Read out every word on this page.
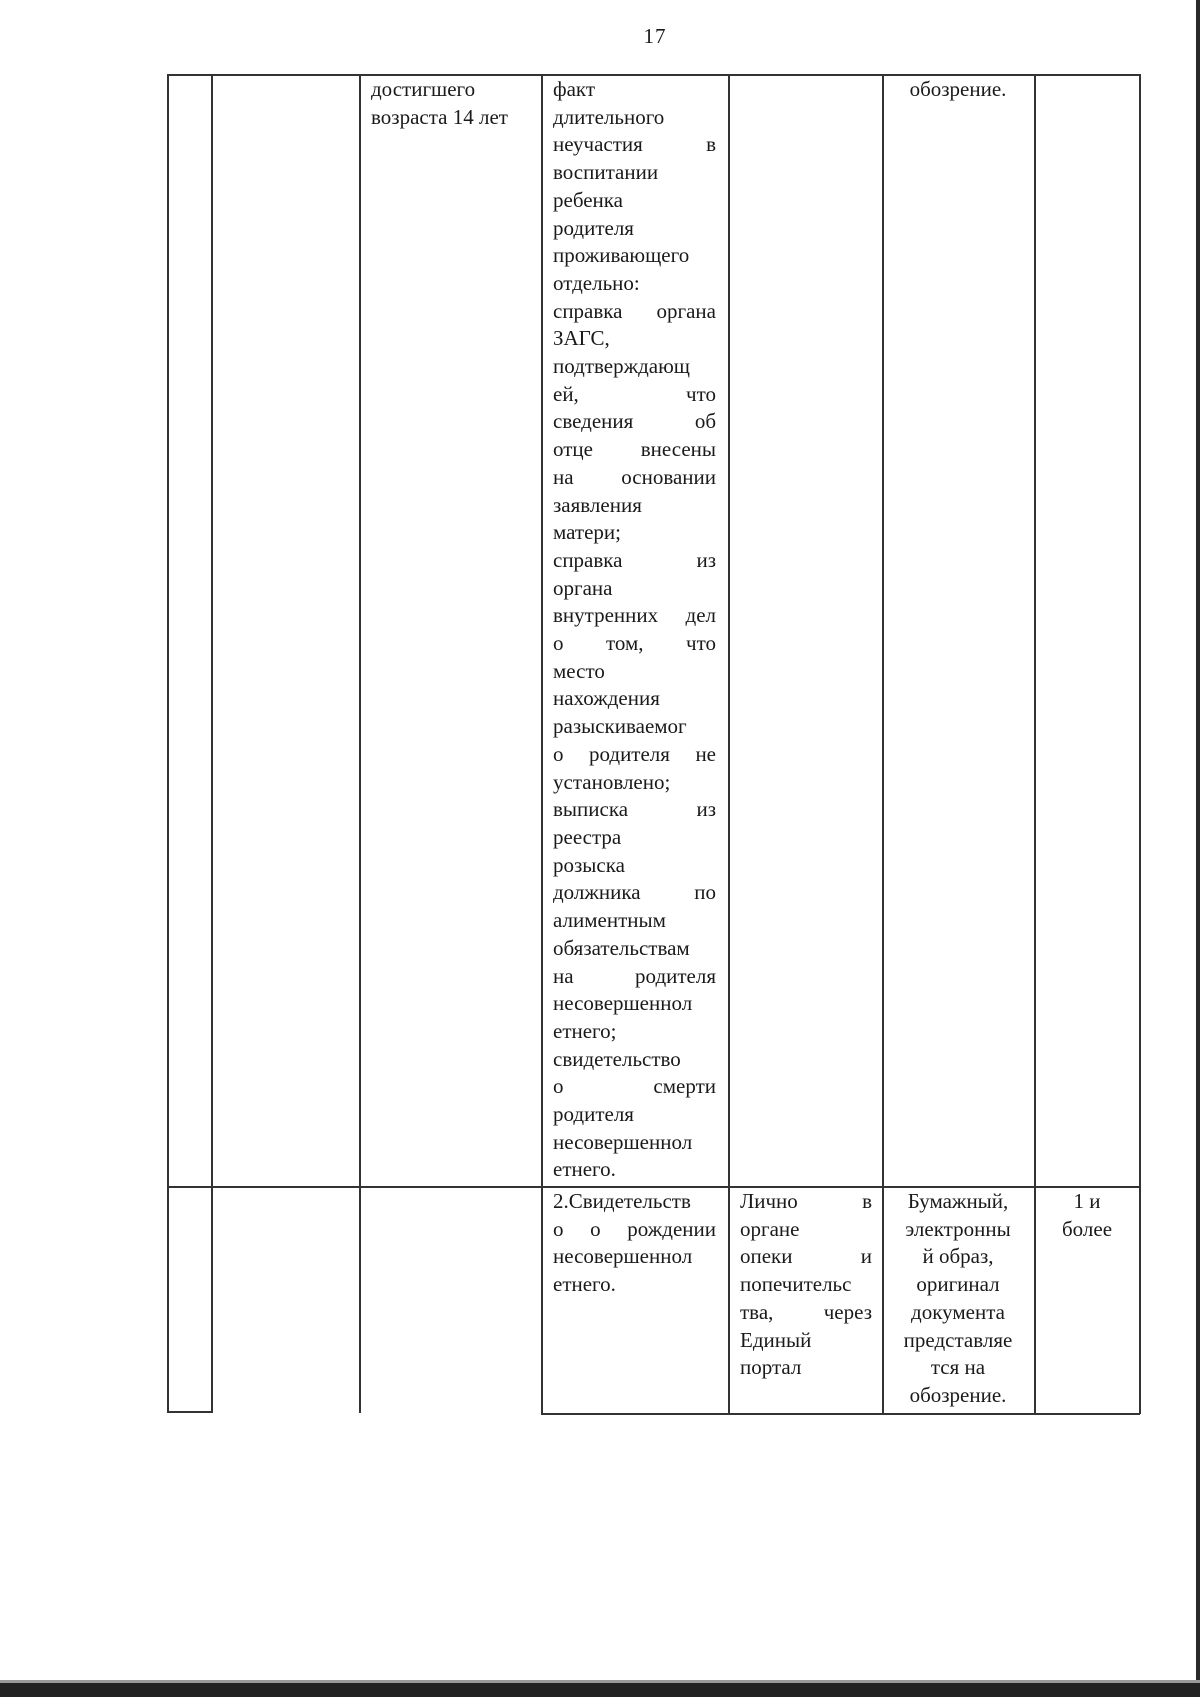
17
достигшего
возраста 14 лет
факт
длительного
неучастия в
воспитании
ребенка
родителя
проживающего
отдельно:
справка органа
ЗАГС,
подтверждающ
ей, что
сведения об
отце внесены
на основании
заявления
матери;
справка из
органа
внутренних дел
о том, что
место
нахождения
разыскиваемог
о родителя не
установлено;
выписка из
реестра
розыска
должника по
алиментным
обязательствам
на родителя
несовершеннол
етнего;
свидетельство
о смерти
родителя
несовершеннол
етнего.
обозрение.
2.Свидетельств
о о рождении
несовершеннол
етнего.
Лично в
органе
опеки и
попечительс
тва, через
Единый
портал
Бумажный,
электронны
й образ,
оригинал
документа
представляе
тся на
обозрение.
1 и
более
